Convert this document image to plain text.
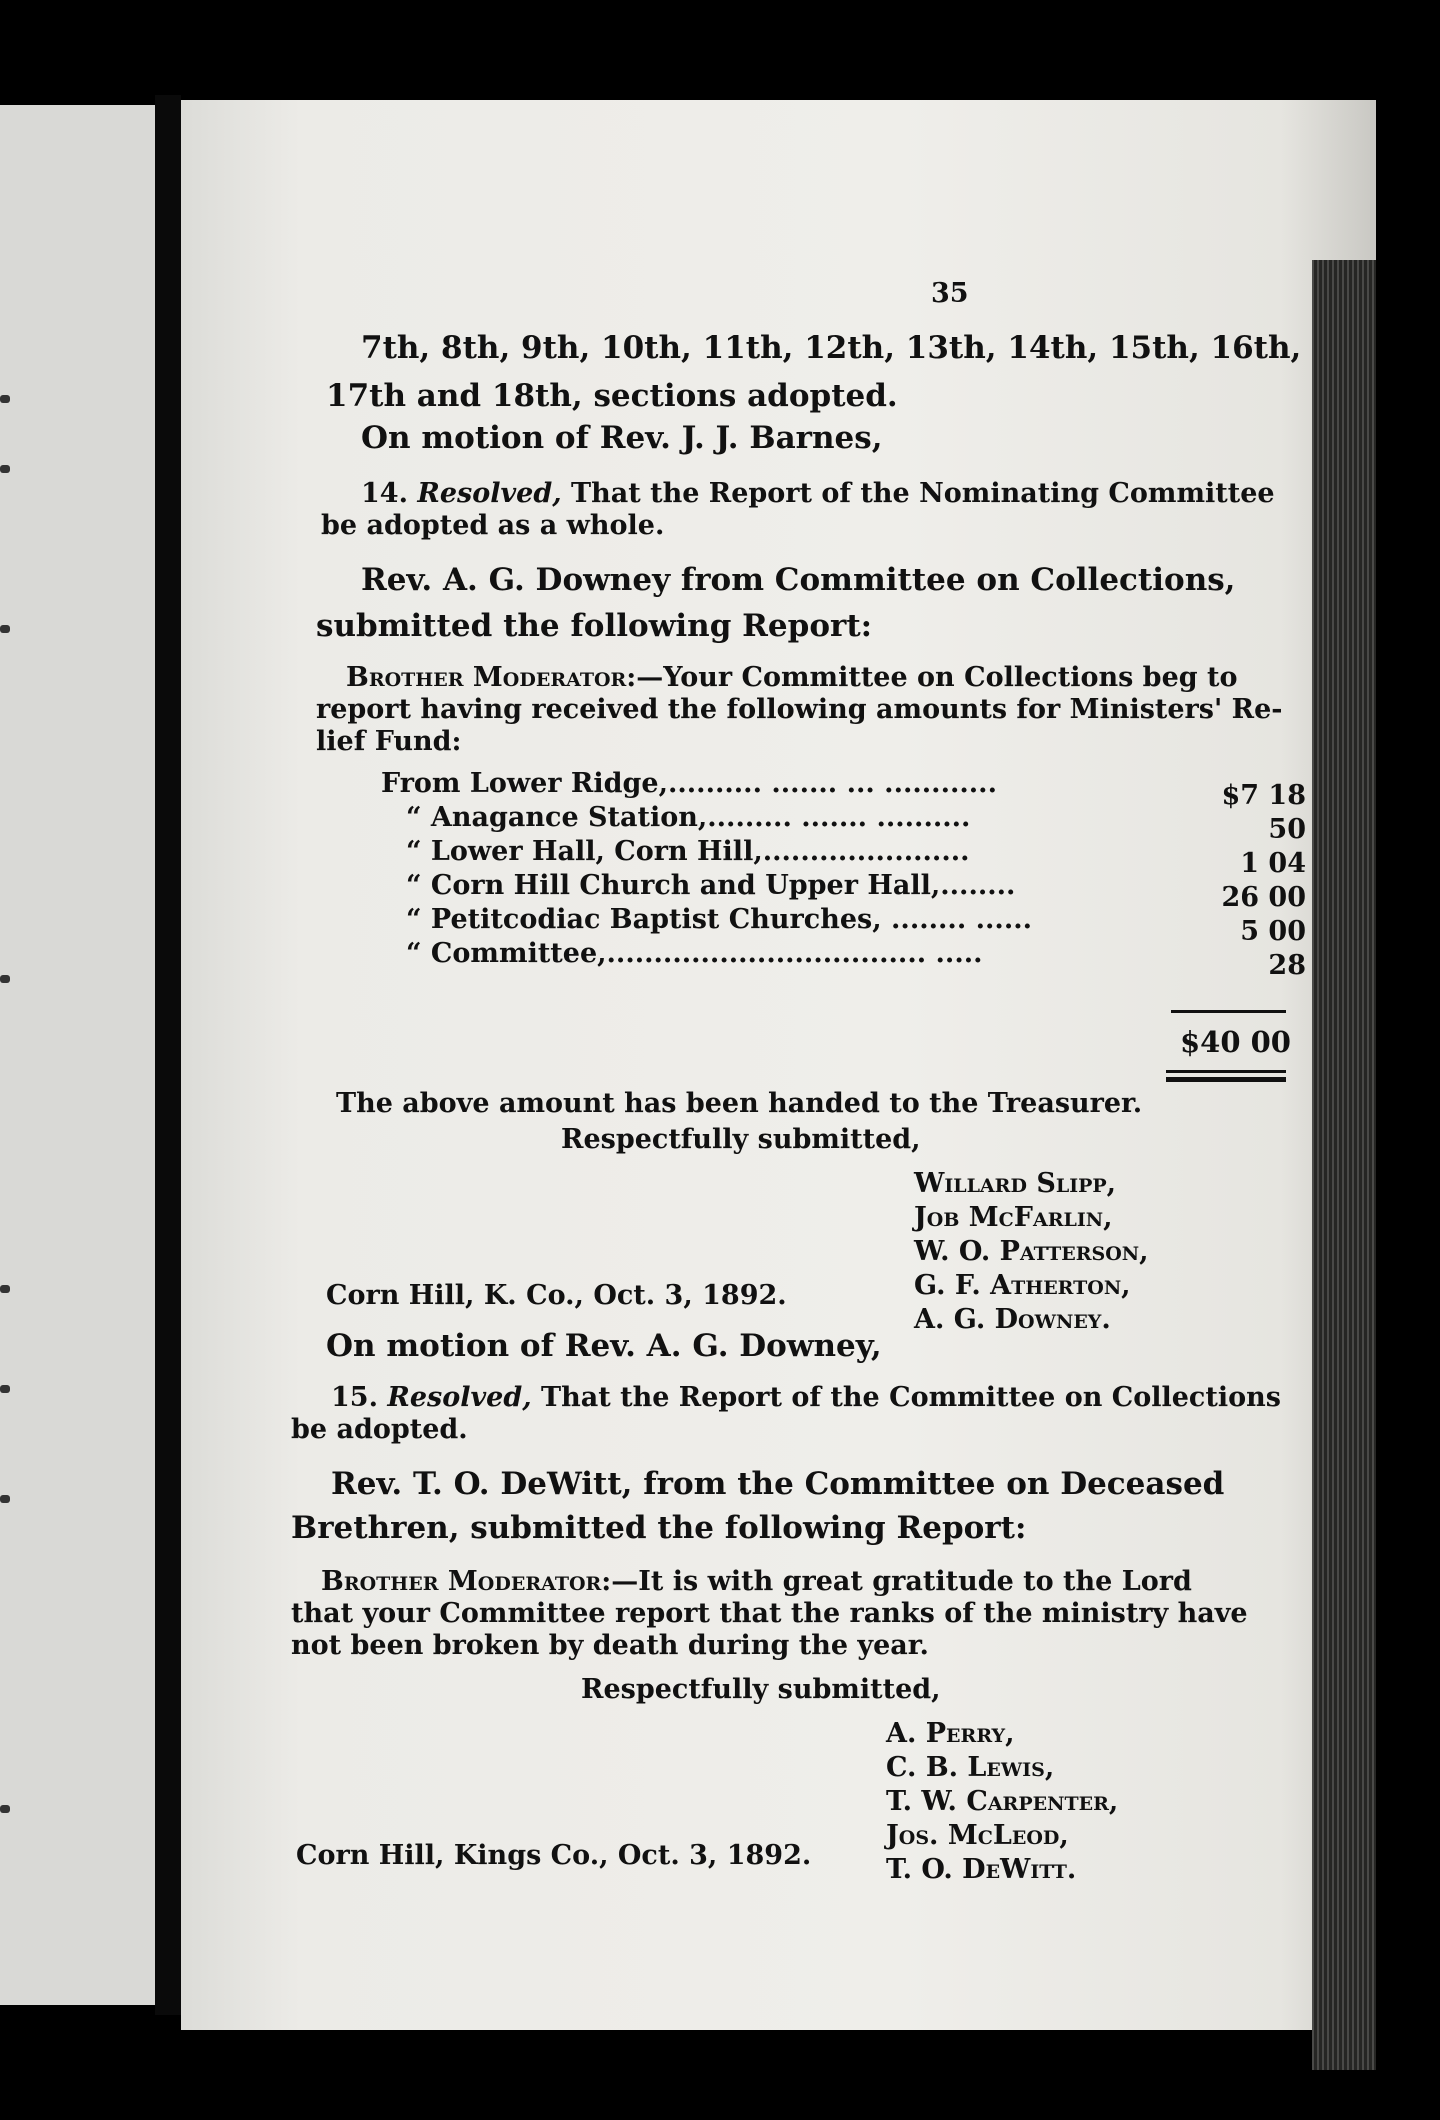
35
7th, 8th, 9th, 10th, 11th, 12th, 13th, 14th, 15th, 16th,
17th and 18th, sections adopted.
On motion of Rev. J. J. Barnes,
14. Resolved, That the Report of the Nominating Committee
be adopted as a whole.
Rev. A. G. Downey from Committee on Collections,
submitted the following Report:
Brother Moderator:—Your Committee on Collections beg to
report having received the following amounts for Ministers' Re-
lief Fund:
From Lower Ridge,.......... ....... ... ............	$7 18
“ Anagance Station,......... ....... ..........	50
“ Lower Hall, Corn Hill,......................	1 04
“ Corn Hill Church and Upper Hall,........	26 00
“ Petitcodiac Baptist Churches, ........ ......	5 00
“ Committee,.................................. .....	28
$40 00
The above amount has been handed to the Treasurer.
Respectfully submitted,
Willard Slipp,
Job McFarlin,
W. O. Patterson,
G. F. Atherton,
A. G. Downey.
Corn Hill, K. Co., Oct. 3, 1892.
On motion of Rev. A. G. Downey,
15. Resolved, That the Report of the Committee on Collections
be adopted.
Rev. T. O. DeWitt, from the Committee on Deceased
Brethren, submitted the following Report:
Brother Moderator:—It is with great gratitude to the Lord
that your Committee report that the ranks of the ministry have
not been broken by death during the year.
Respectfully submitted,
A. Perry,
C. B. Lewis,
T. W. Carpenter,
Jos. McLeod,
T. O. DeWitt.
Corn Hill, Kings Co., Oct. 3, 1892.
